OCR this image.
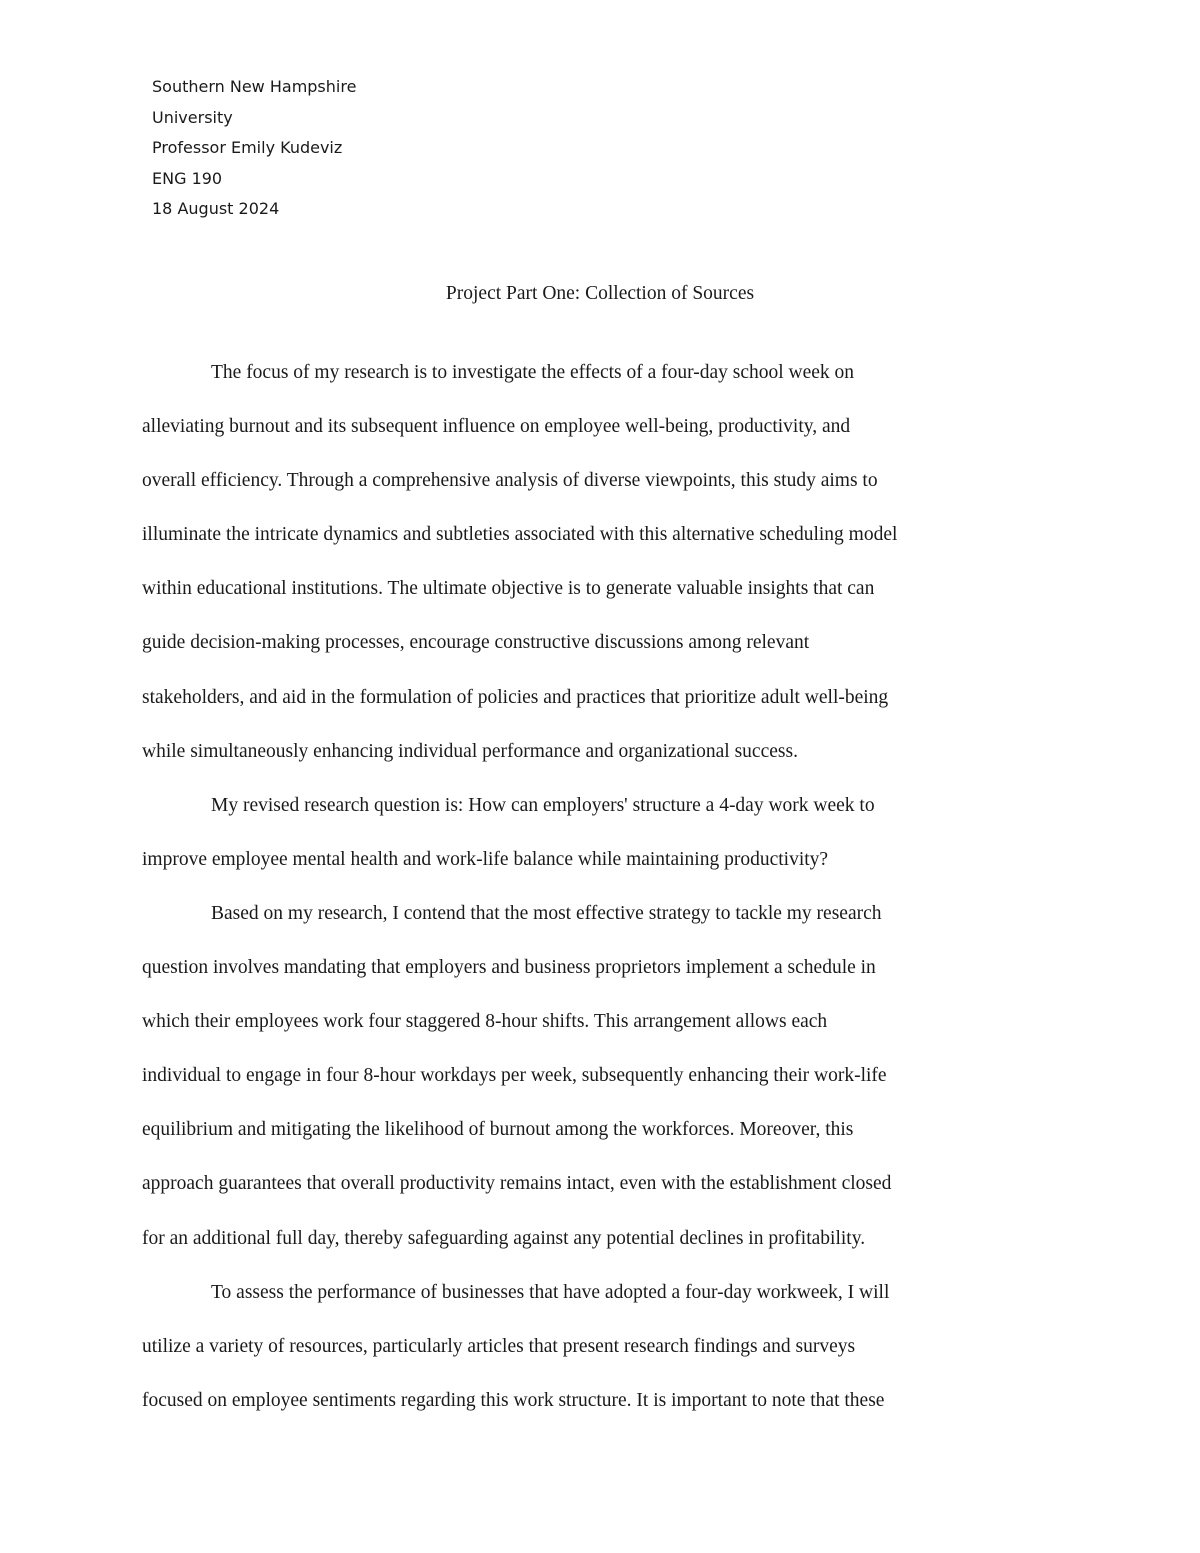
Southern New Hampshire
University
Professor Emily Kudeviz
ENG 190
18 August 2024
Project Part One: Collection of Sources
The focus of my research is to investigate the effects of a four-day school week on
alleviating burnout and its subsequent influence on employee well-being, productivity, and
overall efficiency. Through a comprehensive analysis of diverse viewpoints, this study aims to
illuminate the intricate dynamics and subtleties associated with this alternative scheduling model
within educational institutions. The ultimate objective is to generate valuable insights that can
guide decision-making processes, encourage constructive discussions among relevant
stakeholders, and aid in the formulation of policies and practices that prioritize adult well-being
while simultaneously enhancing individual performance and organizational success.
My revised research question is: How can employers' structure a 4-day work week to
improve employee mental health and work-life balance while maintaining productivity?
Based on my research, I contend that the most effective strategy to tackle my research
question involves mandating that employers and business proprietors implement a schedule in
which their employees work four staggered 8-hour shifts. This arrangement allows each
individual to engage in four 8-hour workdays per week, subsequently enhancing their work-life
equilibrium and mitigating the likelihood of burnout among the workforces. Moreover, this
approach guarantees that overall productivity remains intact, even with the establishment closed
for an additional full day, thereby safeguarding against any potential declines in profitability.
To assess the performance of businesses that have adopted a four-day workweek, I will
utilize a variety of resources, particularly articles that present research findings and surveys
focused on employee sentiments regarding this work structure. It is important to note that these
